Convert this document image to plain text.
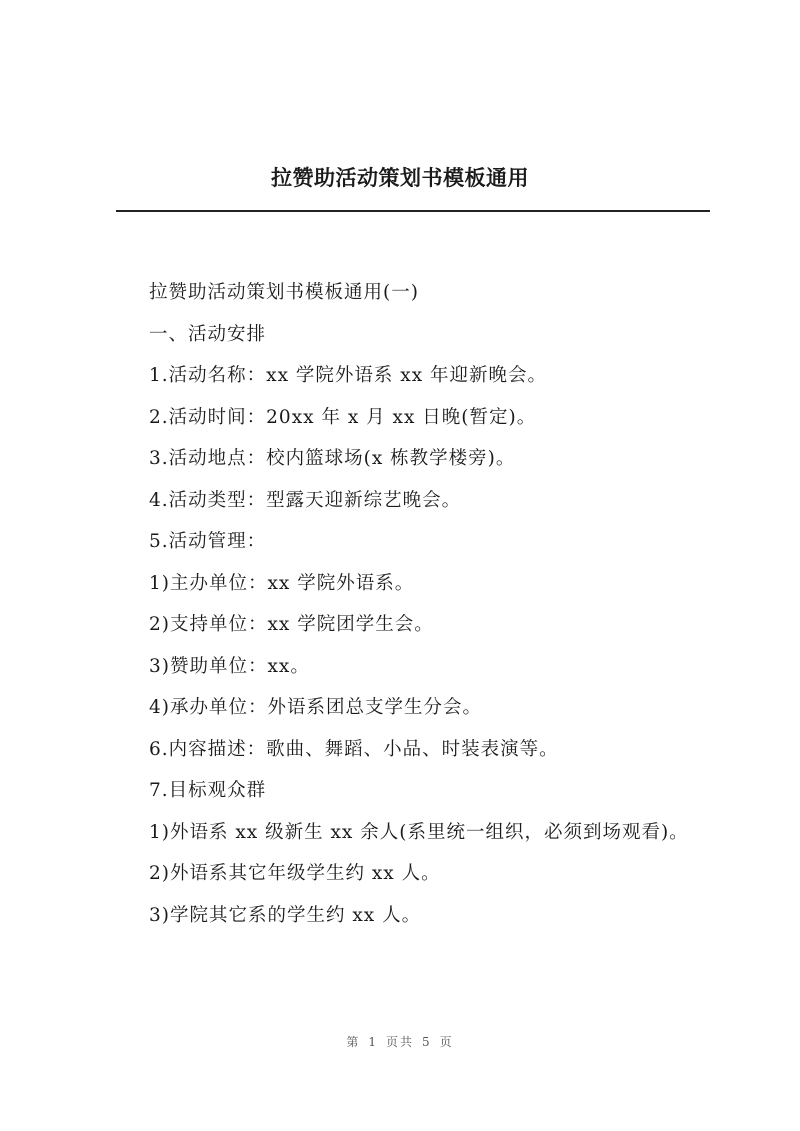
拉赞助活动策划书模板通用

拉赞助活动策划书模板通用(一)

一、活动安排

1.活动名称：xx 学院外语系 xx 年迎新晚会。

2.活动时间：20xx 年 x 月 xx 日晚(暂定)。

3.活动地点：校内篮球场(x 栋教学楼旁)。

4.活动类型：型露天迎新综艺晚会。

5.活动管理：

1)主办单位：xx 学院外语系。

2)支持单位：xx 学院团学生会。

3)赞助单位：xx。

4)承办单位：外语系团总支学生分会。

6.内容描述：歌曲、舞蹈、小品、时装表演等。

7.目标观众群

1)外语系 xx 级新生 xx 余人(系里统一组织，必须到场观看)。

2)外语系其它年级学生约 xx 人。

3)学院其它系的学生约 xx 人。

第 1 页共 5 页
